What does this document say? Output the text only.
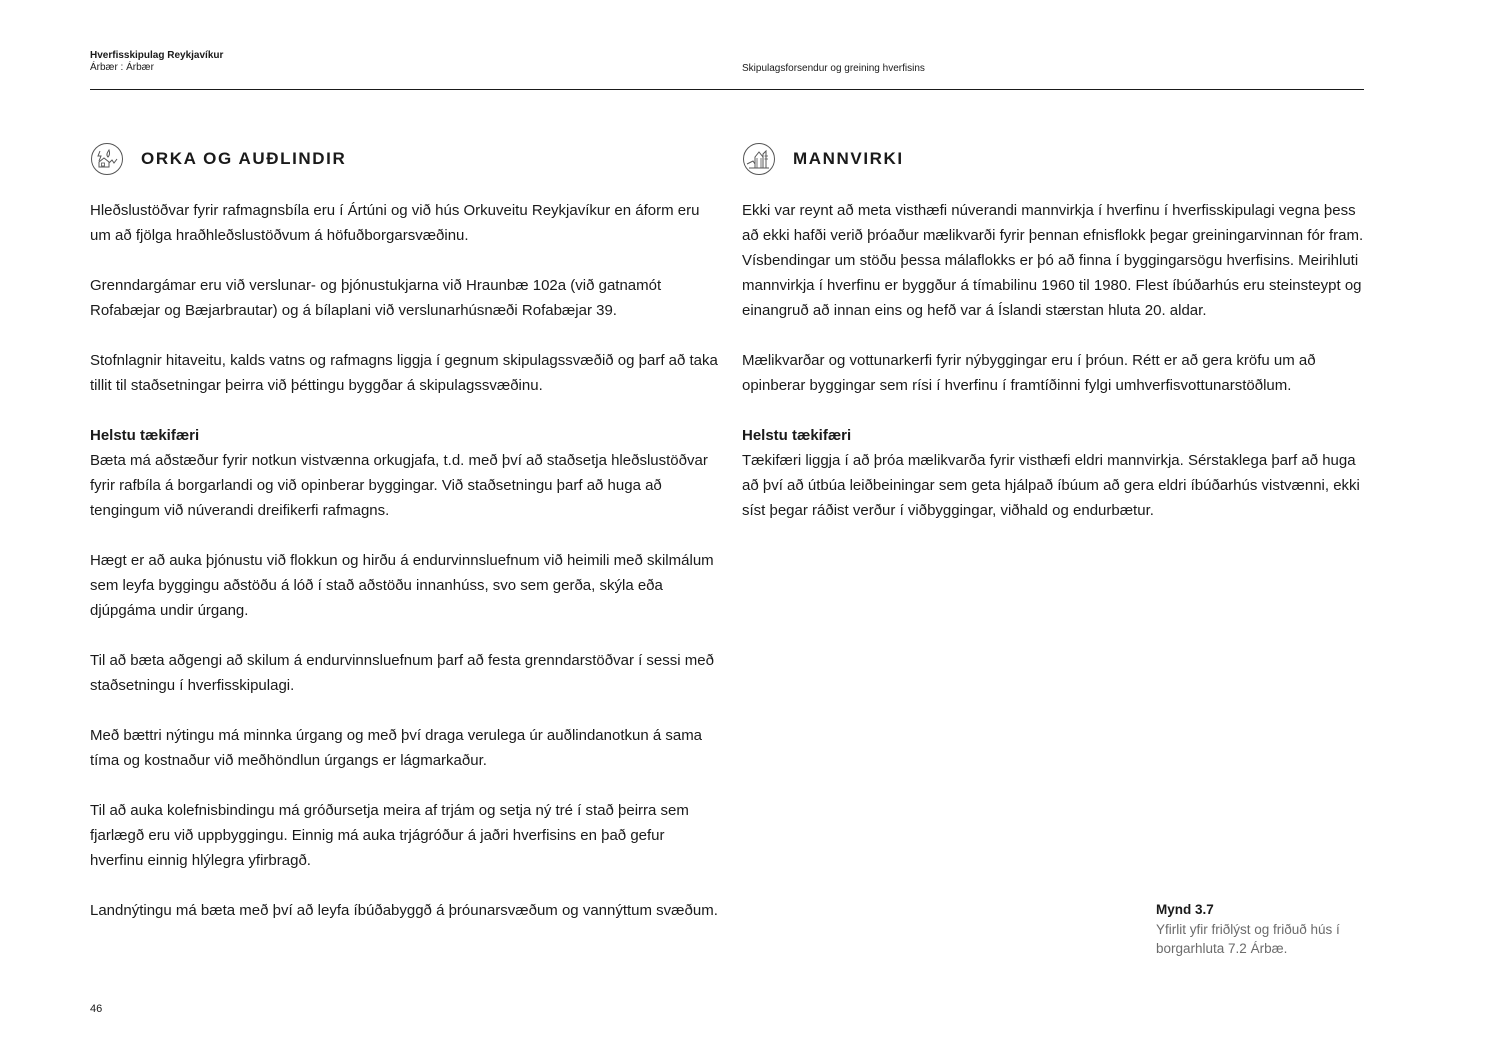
Hverfisskipulag Reykjavíkur
Árbær : Árbær	Skipulagsforsendur og greining hverfisins
ORKA OG AUÐLINDIR

Hleðslustöðvar fyrir rafmagnsbíla eru í Ártúni og við hús Orkuveitu Reykjavíkur en áform eru um að fjölga hraðhleðslustöðvum á höfuðborgarsvæðinu.

Grenndargámar eru við verslunar- og þjónustukjarna við Hraunbæ 102a (við gatnamót Rofabæjar og Bæjarbrautar) og á bílaplani við verslunarhúsnæði Rofabæjar 39.

Stofnlagnir hitaveitu, kalds vatns og rafmagns liggja í gegnum skipulagssvæðið og þarf að taka tillit til staðsetningar þeirra við þéttingu byggðar á skipulagssvæðinu.

Helstu tækifæri

Bæta má aðstæður fyrir notkun vistvænna orkugjafa, t.d. með því að staðsetja hleðslustöðvar fyrir rafbíla á borgarlandi og við opinberar byggingar. Við staðsetningu þarf að huga að tengingum við núverandi dreifikerfi rafmagns.

Hægt er að auka þjónustu við flokkun og hirðu á endurvinnsluefnum við heimili með skilmálum sem leyfa byggingu aðstöðu á lóð í stað aðstöðu innanhúss, svo sem gerða, skýla eða djúpgáma undir úrgang.

Til að bæta aðgengi að skilum á endurvinnsluefnum þarf að festa grenndarstöðvar í sessi með staðsetningu í hverfisskipulagi.

Með bættri nýtingu má minnka úrgang og með því draga verulega úr auðlindanotkun á sama tíma og kostnaður við meðhöndlun úrgangs er lágmarkaður.

Til að auka kolefnisbindingu má gróðursetja meira af trjám og setja ný tré í stað þeirra sem fjarlægð eru við uppbyggingu. Einnig má auka trjágróður á jaðri hverfisins en það gefur hverfinu einnig hlýlegra yfirbragð.

Landnýtingu má bæta með því að leyfa íbúðabyggð á þróunarsvæðum og vannýttum svæðum.

MANNVIRKI

Ekki var reynt að meta visthæfi núverandi mannvirkja í hverfinu í hverfisskipulagi vegna þess að ekki hafði verið þróaður mælikvarði fyrir þennan efnisflokk þegar greiningarvinnan fór fram. Vísbendingar um stöðu þessa málaflokks er þó að finna í byggingarsögu hverfisins. Meirihluti mannvirkja í hverfinu er byggður á tímabilinu 1960 til 1980. Flest íbúðarhús eru steinsteypt og einangruð að innan eins og hefð var á Íslandi stærstan hluta 20. aldar.

Mælikvarðar og vottunarkerfi fyrir nýbyggingar eru í þróun. Rétt er að gera kröfu um að opinberar byggingar sem rísi í hverfinu í framtíðinni fylgi umhverfisvottunarstöðlum.

Helstu tækifæri

Tækifæri liggja í að þróa mælikvarða fyrir visthæfi eldri mannvirkja. Sérstaklega þarf að huga að því að útbúa leiðbeiningar sem geta hjálpað íbúum að gera eldri íbúðarhús vistvænni, ekki síst þegar ráðist verður í viðbyggingar, viðhald og endurbætur.

Mynd 3.7
Yfirlit yfir friðlýst og friðuð hús í borgarhluta 7.2 Árbæ.
46
